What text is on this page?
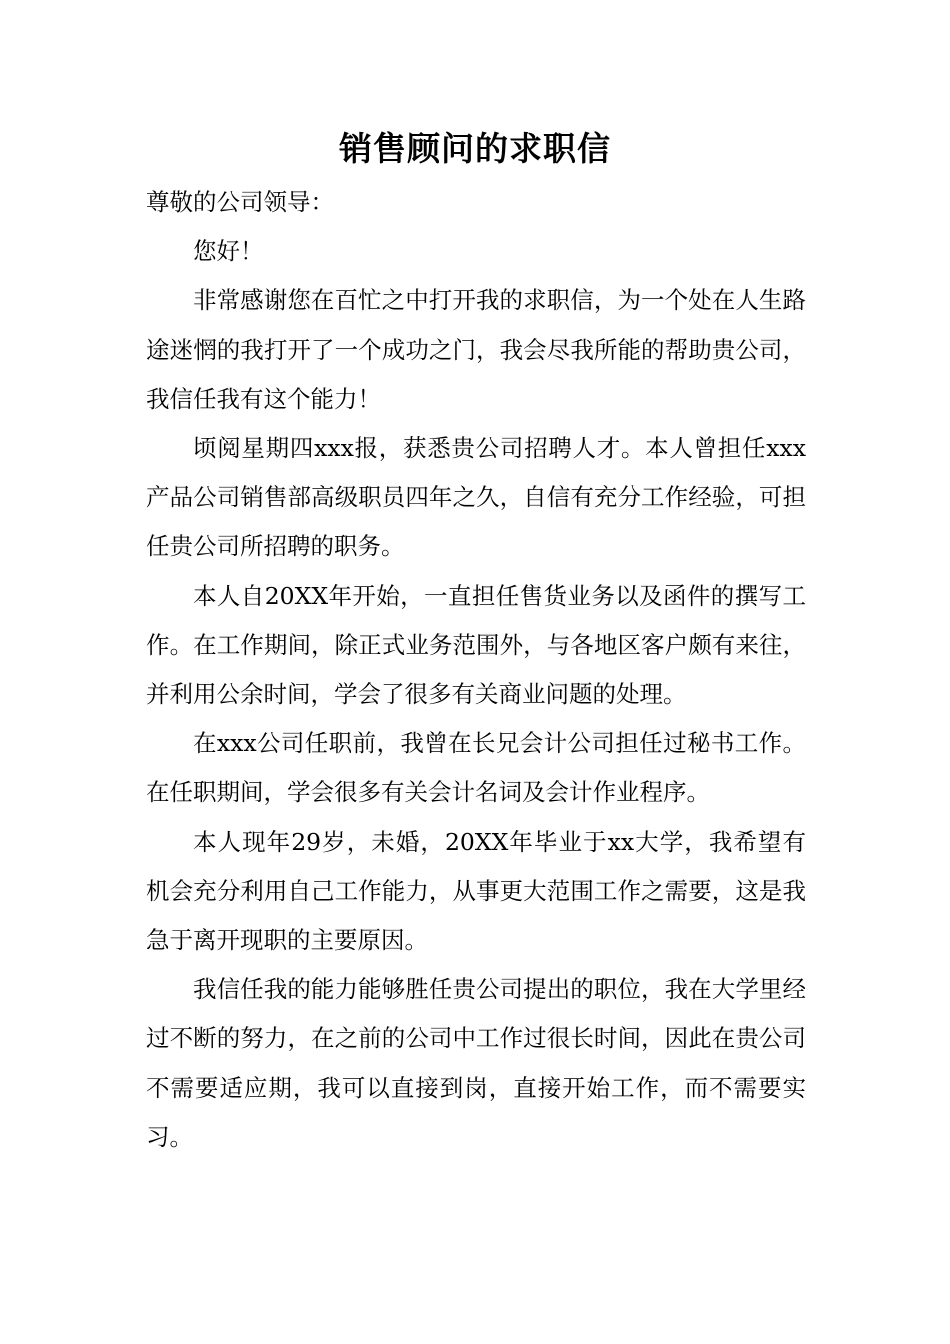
销售顾问的求职信

尊敬的公司领导：

您好！

非常感谢您在百忙之中打开我的求职信，为一个处在人生路途迷惘的我打开了一个成功之门，我会尽我所能的帮助贵公司，我信任我有这个能力！

顷阅星期四xxx报，获悉贵公司招聘人才。本人曾担任xxx产品公司销售部高级职员四年之久，自信有充分工作经验，可担任贵公司所招聘的职务。

本人自20XX年开始，一直担任售货业务以及函件的撰写工作。在工作期间，除正式业务范围外，与各地区客户颇有来往，并利用公余时间，学会了很多有关商业问题的处理。

在xxx公司任职前，我曾在长兄会计公司担任过秘书工作。在任职期间，学会很多有关会计名词及会计作业程序。

本人现年29岁，未婚，20XX年毕业于xx大学，我希望有机会充分利用自己工作能力，从事更大范围工作之需要，这是我急于离开现职的主要原因。

我信任我的能力能够胜任贵公司提出的职位，我在大学里经过不断的努力，在之前的公司中工作过很长时间，因此在贵公司不需要适应期，我可以直接到岗，直接开始工作，而不需要实习。
